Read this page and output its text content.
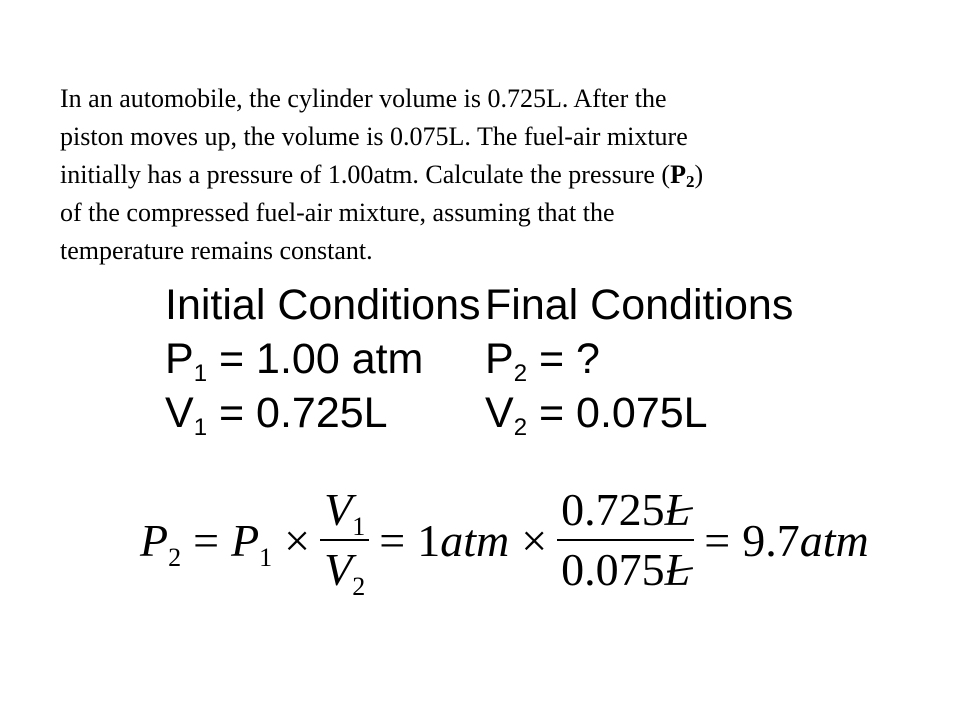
In an automobile, the cylinder volume is 0.725L. After the
piston moves up, the volume is 0.075L. The fuel-air mixture
initially has a pressure of 1.00atm. Calculate the pressure $(P_2)$
of the compressed fuel-air mixture, assuming that the
temperature remains constant.
Initial Conditions Final Conditions
$P_1 = 1.00$ atm	$P_2$ = ?
$V_1 = 0.725L$	$V_2 = 0.075L$
$P_2 = P_1 \times \frac{V_1}{V_2} = 1$ atm × $\frac{0.725L}{0.075L} = 9.7$ atm
